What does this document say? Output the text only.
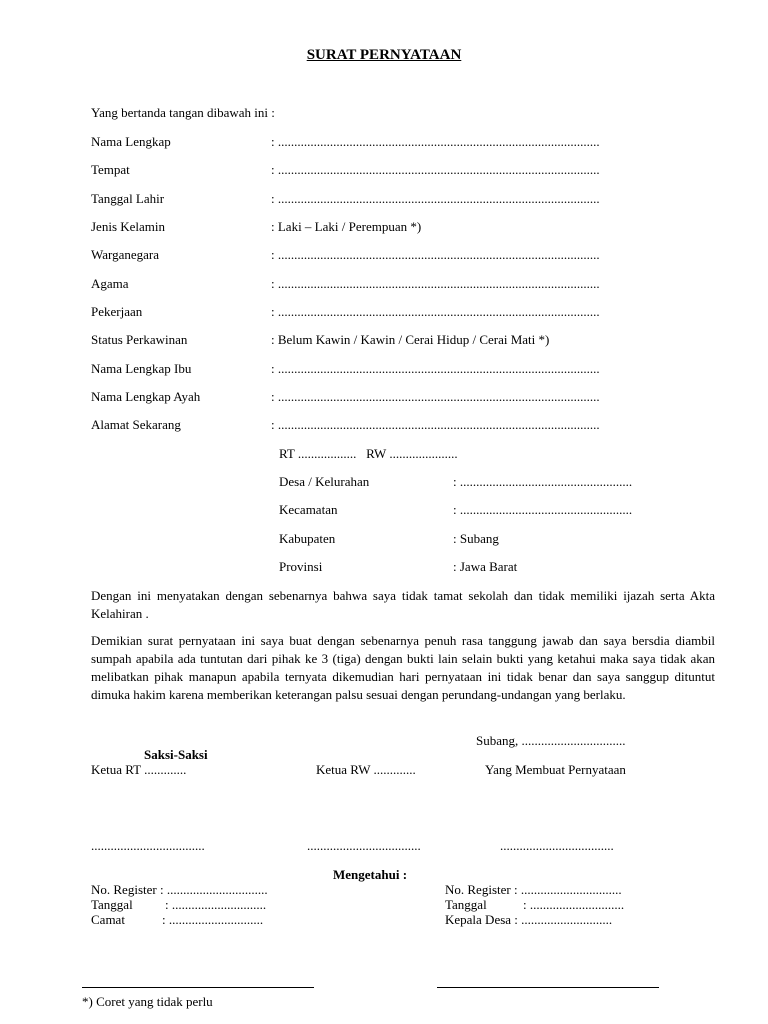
SURAT PERNYATAAN
Yang bertanda tangan dibawah ini :
Nama Lengkap	: ...................................................................................................
Tempat	: ...................................................................................................
Tanggal Lahir	: ...................................................................................................
Jenis Kelamin	: Laki – Laki / Perempuan *)
Warganegara	: ...................................................................................................
Agama	: ...................................................................................................
Pekerjaan	: ...................................................................................................
Status Perkawinan	: Belum Kawin / Kawin / Cerai Hidup / Cerai Mati *)
Nama Lengkap Ibu	: ...................................................................................................
Nama Lengkap Ayah	: ...................................................................................................
Alamat Sekarang	: ...................................................................................................
RT ..................   RW .....................
Desa / Kelurahan	: .....................................................
Kecamatan	: .....................................................
Kabupaten	: Subang
Provinsi	: Jawa Barat
Dengan ini menyatakan dengan sebenarnya bahwa saya tidak tamat sekolah dan tidak memiliki ijazah serta Akta Kelahiran .
Demikian surat pernyataan ini saya buat dengan sebenarnya penuh rasa tanggung jawab dan saya bersdia diambil sumpah apabila ada tuntutan dari pihak ke 3 (tiga) dengan bukti lain selain bukti yang ketahui maka saya tidak akan melibatkan pihak manapun apabila ternyata dikemudian hari pernyataan ini tidak benar dan saya sanggup dituntut dimuka hakim karena memberikan keterangan palsu sesuai dengan perundang-undangan yang berlaku.
Subang, ................................
Saksi-Saksi
Ketua RT .............	Ketua RW .............	Yang Membuat Pernyataan
...................................	...................................	...................................
Mengetahui :
No. Register : ...............................
Tanggal : .............................
Camat	: .............................
No. Register : ...............................
Tanggal	: .............................
Kepala Desa : ............................
*) Coret yang tidak perlu
